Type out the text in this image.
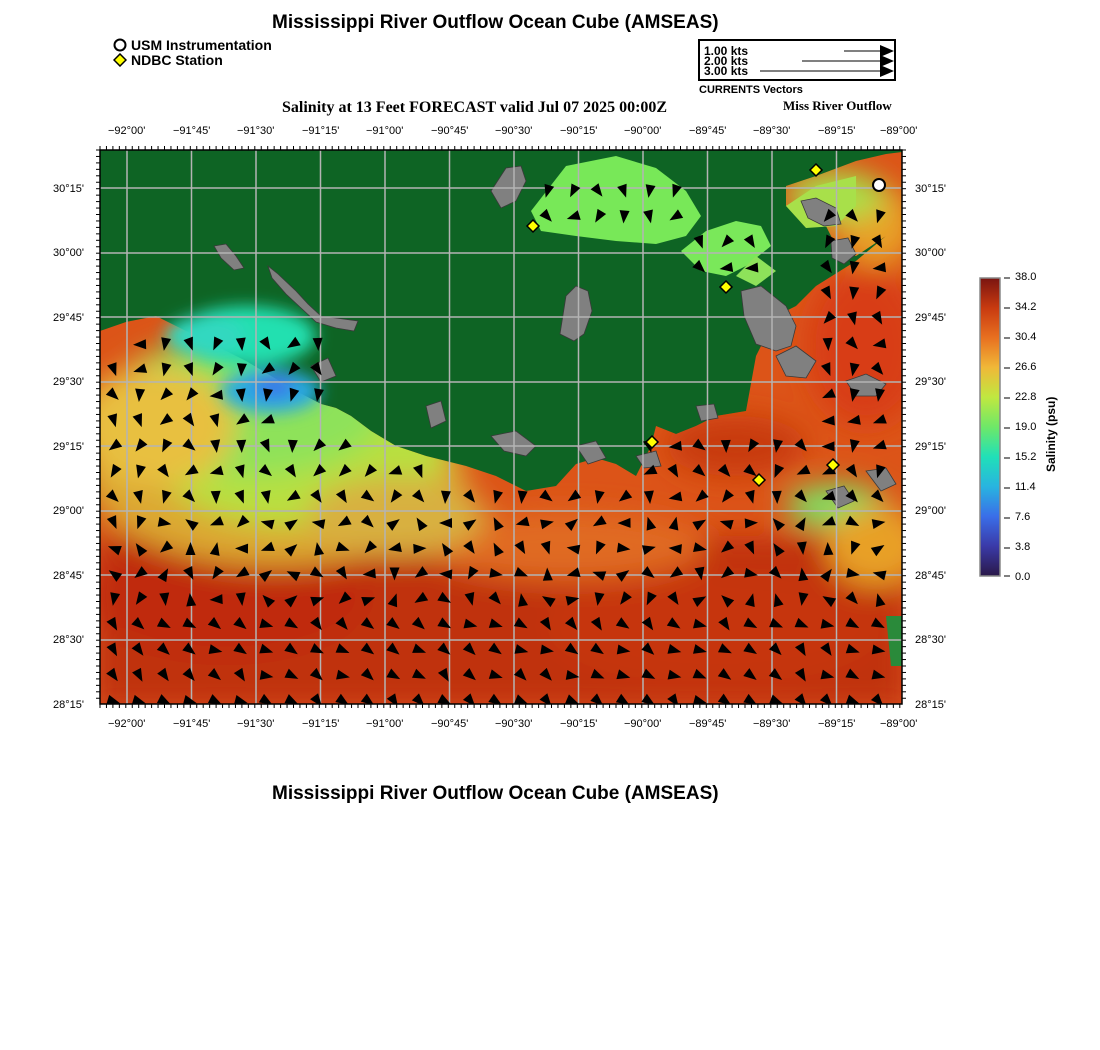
Mississippi River Outflow Ocean Cube (AMSEAS)
USM Instrumentation
NDBC Station
1.00 kts
2.00 kts
3.00 kts
CURRENTS Vectors
Salinity at 13 Feet FORECAST valid Jul 07 2025 00:00Z	Miss River Outflow
−92°00'	−91°45' −91°30'	−91°15' −91°00'	−90°45' −90°30'	−90°15' −90°00'	−89°45' −89°30'	−89°15' −89°00'
−92°00'	−91°45' −91°30'	−91°15' −91°00'	−90°45' −90°30'	−90°15' −90°00'	−89°45' −89°30'	−89°15' −89°00'
30°15'
30°00'
29°45'
29°30'
29°15'
29°00'
28°45'
28°30'
28°15'
30°15'
30°00'
29°45'
29°30'
29°15'
29°00'
28°45'
28°30'
28°15'
38.0
34.2
30.4
26.6
22.8
19.0
15.2
11.4
7.6
3.8
0.0
Salinity (psu)
Mississippi River Outflow Ocean Cube (AMSEAS)
